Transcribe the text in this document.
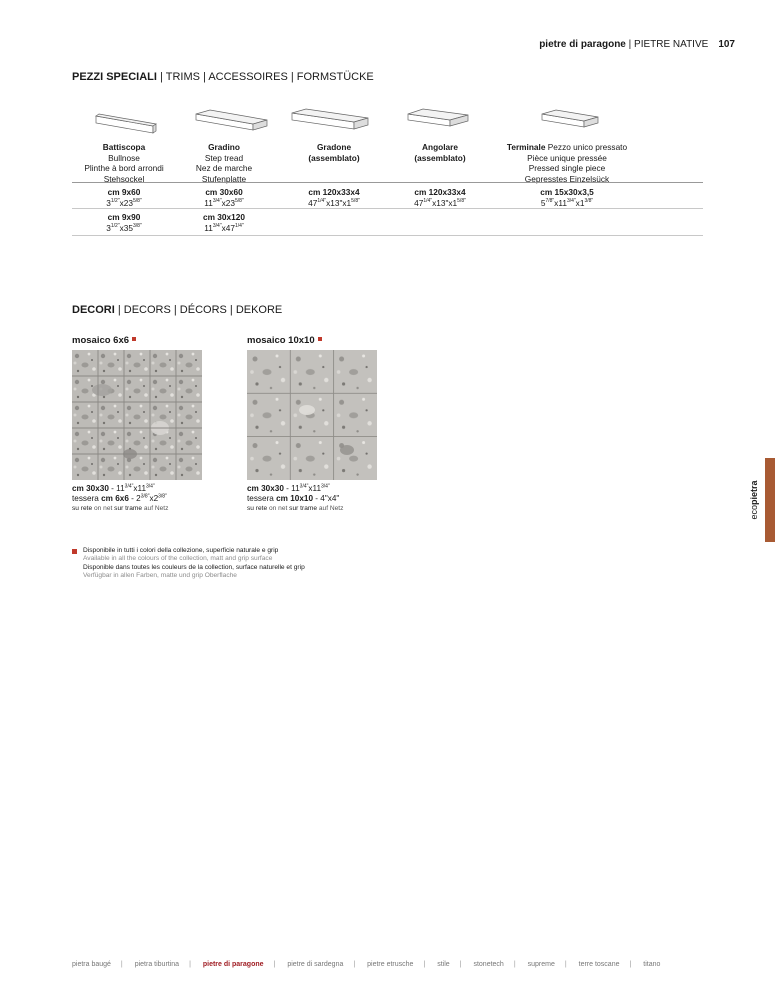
pietre di paragone | PIETRE NATIVE 107
PEZZI SPECIALI | TRIMS | ACCESSOIRES | FORMSTÜCKE
Battiscopa
Bullnose
Plinthe à bord arrondi
Stehsockel
Gradino
Step tread
Nez de marche
Stufenplatte
Gradone
(assemblato)
Angolare
(assemblato)
Terminale Pezzo unico pressato
Pièce unique pressée
Pressed single piece
Gepresstes Einzelsück
cm 9x60
$3^{1/2"}x23^{5/8"}$
cm 30x60
$11^{3/4"}x23^{5/8"}$
cm 120x33x4
$47^{1/4"}x13"x1^{5/8"}$
cm 120x33x4
$47^{1/4"}x13"x1^{5/8"}$
cm 15x30x3,5
$5^{7/8"}x11^{3/4"}x1^{3/8"}$
cm 9x90
$3^{1/2"}x35^{3/8"}$
cm 30x120
$11^{3/4"}x47^{1/4"}$
DECORI | DECORS | DÉCORS | DEKORE
mosaico 6x6
cm $30x30 - 11^{3/4"}x11^{3/4"}$
tessera cm $6x6 - 2^{3/8"}x2^{3/8"}$
su rete on net sur trame auf Netz
mosaico 10x10
cm $30x30 - 11^{3/4"}x11^{3/4"}$
tessera cm 10x10 - 4"x4"
su rete on net sur trame auf Netz
Disponibile in tutti i colori della collezione, superficie naturale e grip
Available in all the colours of the collection, matt and grip surface
Disponible dans toutes les couleurs de la collection, surface naturelle et grip
Verfügbar in allen Farben, matte und grip Oberflache
ecopietra
pietra baugé | pietra tiburtina | pietre di paragone | pietre di sardegna | pietre etrusche | stile | stonetech | supreme | terre toscane | titano
